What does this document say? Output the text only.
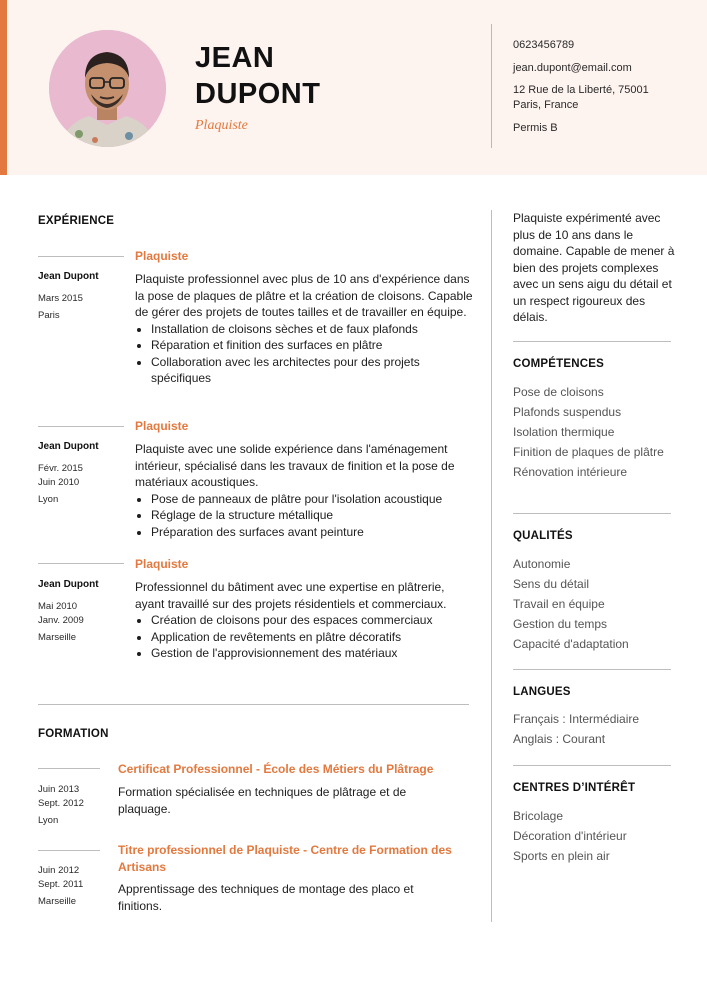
JEAN
DUPONT
Plaquiste
0623456789
jean.dupont@email.com
12 Rue de la Liberté, 75001
Paris, France
Permis B
EXPÉRIENCE
Plaquiste
Jean Dupont
Mars 2015
Paris

Plaquiste professionnel avec plus de 10 ans d'expérience dans la pose de plaques de plâtre et la création de cloisons. Capable de gérer des projets de toutes tailles et de travailler en équipe.

• Installation de cloisons sèches et de faux plafonds
• Réparation et finition des surfaces en plâtre
• Collaboration avec les architectes pour des projets spécifiques
Plaquiste
Jean Dupont
Févr. 2015
Juin 2010
Lyon

Plaquiste avec une solide expérience dans l'aménagement intérieur, spécialisé dans les travaux de finition et la pose de matériaux acoustiques.

• Pose de panneaux de plâtre pour l'isolation acoustique
• Réglage de la structure métallique
• Préparation des surfaces avant peinture
Plaquiste
Jean Dupont
Mai 2010
Janv. 2009
Marseille

Professionnel du bâtiment avec une expertise en plâtrerie, ayant travaillé sur des projets résidentiels et commerciaux.

• Création de cloisons pour des espaces commerciaux
• Application de revêtements en plâtre décoratifs
• Gestion de l'approvisionnement des matériaux
FORMATION
Certificat Professionnel - École des Métiers du Plâtrage
Juin 2013
Sept. 2012
Lyon
Formation spécialisée en techniques de plâtrage et de plaquage.
Titre professionnel de Plaquiste - Centre de Formation des Artisans
Juin 2012
Sept. 2011
Marseille
Apprentissage des techniques de montage des placo et finitions.
Plaquiste expérimenté avec plus de 10 ans dans le domaine. Capable de mener à bien des projets complexes avec un sens aigu du détail et un respect rigoureux des délais.
COMPÉTENCES
Pose de cloisons
Plafonds suspendus
Isolation thermique
Finition de plaques de plâtre
Rénovation intérieure
QUALITÉS
Autonomie
Sens du détail
Travail en équipe
Gestion du temps
Capacité d'adaptation
LANGUES
Français : Intermédiaire
Anglais : Courant
CENTRES D’INTÉRÊT
Bricolage
Décoration d'intérieur
Sports en plein air
